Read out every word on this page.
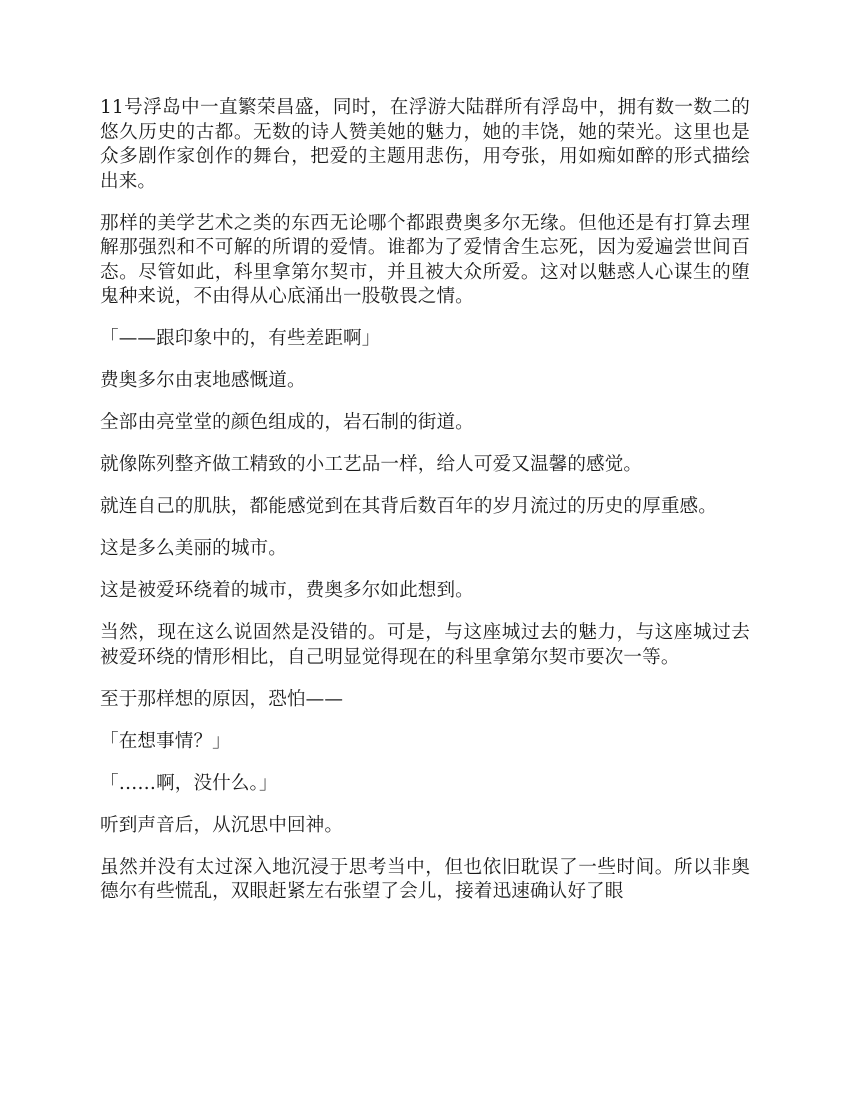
11号浮岛中一直繁荣昌盛，同时，在浮游大陆群所有浮岛中，拥有数一数二的悠久历史的古都。无数的诗人赞美她的魅力，她的丰饶，她的荣光。这里也是众多剧作家创作的舞台，把爱的主题用悲伤，用夸张，用如痴如醉的形式描绘出来。

那样的美学艺术之类的东西无论哪个都跟费奥多尔无缘。但他还是有打算去理解那强烈和不可解的所谓的爱情。谁都为了爱情舍生忘死，因为爱遍尝世间百态。尽管如此，科里拿第尔契市，并且被大众所爱。这对以魅惑人心谋生的堕鬼种来说，不由得从心底涌出一股敬畏之情。

「——跟印象中的，有些差距啊」

费奥多尔由衷地感慨道。

全部由亮堂堂的颜色组成的，岩石制的街道。

就像陈列整齐做工精致的小工艺品一样，给人可爱又温馨的感觉。

就连自己的肌肤，都能感觉到在其背后数百年的岁月流过的历史的厚重感。

这是多么美丽的城市。

这是被爱环绕着的城市，费奥多尔如此想到。

当然，现在这么说固然是没错的。可是，与这座城过去的魅力，与这座城过去被爱环绕的情形相比，自己明显觉得现在的科里拿第尔契市要次一等。

至于那样想的原因，恐怕——

「在想事情？」

「……啊，没什么。」

听到声音后，从沉思中回神。

虽然并没有太过深入地沉浸于思考当中，但也依旧耽误了一些时间。所以非奥德尔有些慌乱，双眼赶紧左右张望了会儿，接着迅速确认好了眼
